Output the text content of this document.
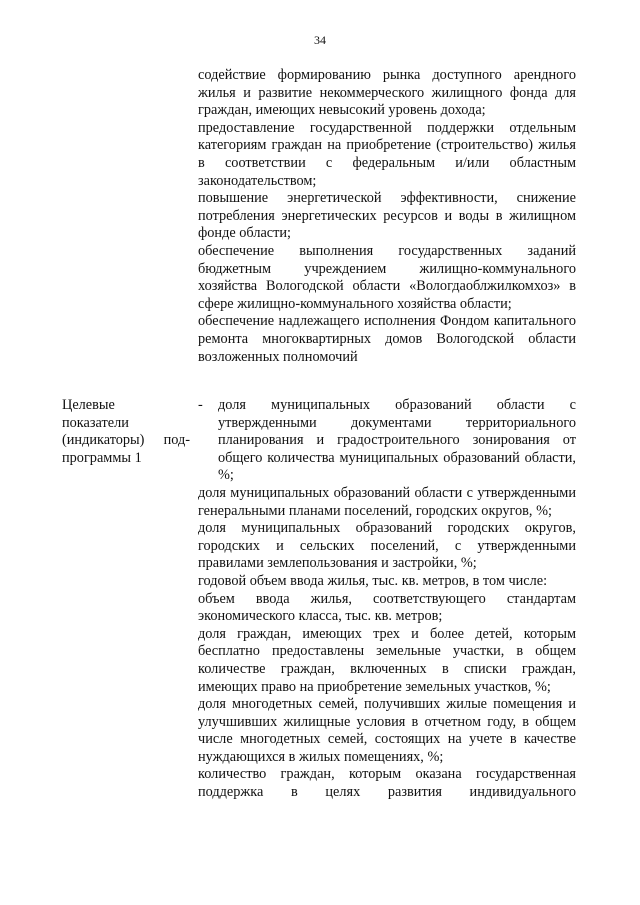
34

содействие формированию рынка доступного арендного жилья и развитие некоммерческого жилищного фонда для граждан, имеющих невысокий уровень дохода;

предоставление государственной поддержки отдельным категориям граждан на приобретение (строительство) жилья в соответствии с федеральным и/или областным законодательством;

повышение энергетической эффективности, снижение потребления энергетических ресурсов и воды в жилищном фонде области;

обеспечение выполнения государственных заданий бюджетным учреждением жилищно-коммунального хозяйства Вологодской области «Вологдаоблжилкомхоз» в сфере жилищно-коммунального хозяйства области;

обеспечение надлежащего исполнения Фондом капитального ремонта многоквартирных домов Вологодской области возложенных полномочий

Целевые
показатели
(индикаторы) под-
программы 1
-	доля муниципальных образований области с утвержденными документами территориального планирования и градостроительного зонирования от общего количества муниципальных образований области, %;

доля муниципальных образований области с утвержденными генеральными планами поселений, городских округов, %;

доля муниципальных образований городских округов, городских и сельских поселений, с утвержденными правилами землепользования и застройки, %;

годовой объем ввода жилья, тыс. кв. метров, в том числе:

объем ввода жилья, соответствующего стандартам экономического класса, тыс. кв. метров;

доля граждан, имеющих трех и более детей, которым бесплатно предоставлены земельные участки, в общем количестве граждан, включенных в списки граждан, имеющих право на приобретение земельных участков, %;

доля многодетных семей, получивших жилые помещения и улучшивших жилищные условия в отчетном году, в общем числе многодетных семей, состоящих на учете в качестве нуждающихся в жилых помещениях, %;

количество граждан, которым оказана государственная поддержка в целях развития индивидуального
